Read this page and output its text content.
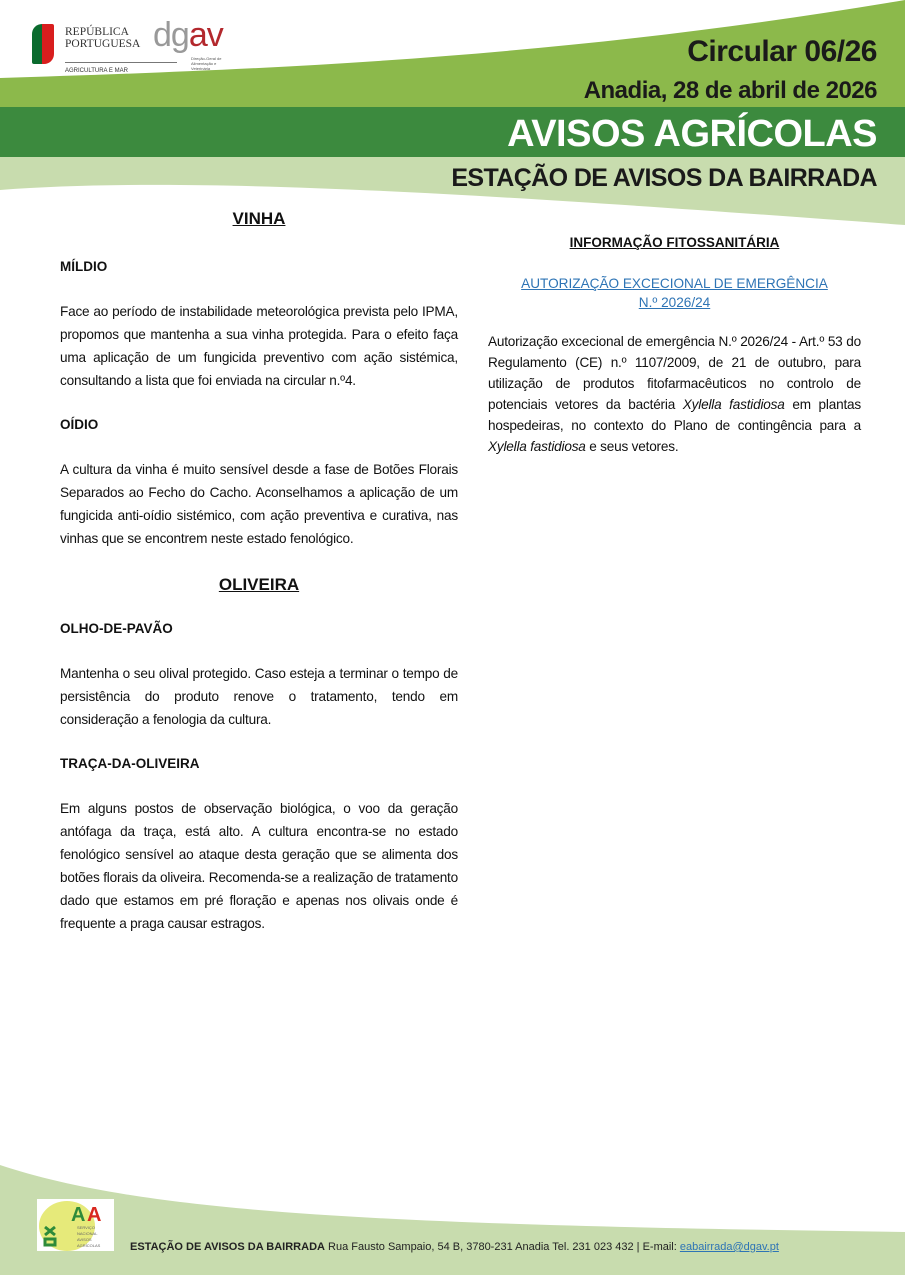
REPÚBLICA PORTUGUESA
AGRICULTURA E MAR
dgav
Direção-Geral de Alimentação e Veterinária
Circular 06/26
Anadia, 28 de abril de 2026
AVISOS AGRÍCOLAS
ESTAÇÃO DE AVISOS DA BAIRRADA
VINHA
MÍLDIO
Face ao período de instabilidade meteorológica prevista pelo IPMA, propomos que mantenha a sua vinha protegida. Para o efeito faça uma aplicação de um fungicida preventivo com ação sistémica, consultando a lista que foi enviada na circular n.º4.
OÍDIO
A cultura da vinha é muito sensível desde a fase de Botões Florais Separados ao Fecho do Cacho. Aconselhamos a aplicação de um fungicida anti-oídio sistémico, com ação preventiva e curativa, nas vinhas que se encontrem neste estado fenológico.
OLIVEIRA
OLHO-DE-PAVÃO
Mantenha o seu olival protegido. Caso esteja a terminar o tempo de persistência do produto renove o tratamento, tendo em consideração a fenologia da cultura.
TRAÇA-DA-OLIVEIRA
Em alguns postos de observação biológica, o voo da geração antófaga da traça, está alto. A cultura encontra-se no estado fenológico sensível ao ataque desta geração que se alimenta dos botões florais da oliveira. Recomenda-se a realização de tratamento dado que estamos em pré floração e apenas nos olivais onde é frequente a praga causar estragos.
INFORMAÇÃO FITOSSANITÁRIA
AUTORIZAÇÃO EXCECIONAL DE EMERGÊNCIA
N.º 2026/24
Autorização excecional de emergência N.º 2026/24 - Art.º 53 do Regulamento (CE) n.º 1107/2009, de 21 de outubro, para utilização de produtos fitofarmacêuticos no controlo de potenciais vetores da bactéria Xylella fastidiosa em plantas hospedeiras, no contexto do Plano de contingência para a Xylella fastidiosa e seus vetores.
A A
SERVIÇO
NACIONAL
AVISOS
AGRÍCOLAS	ESTAÇÃO DE AVISOS DA BAIRRADA Rua Fausto Sampaio, 54 B, 3780-231 Anadia Tel. 231 023 432 | E-mail: eabairrada@dgav.pt
